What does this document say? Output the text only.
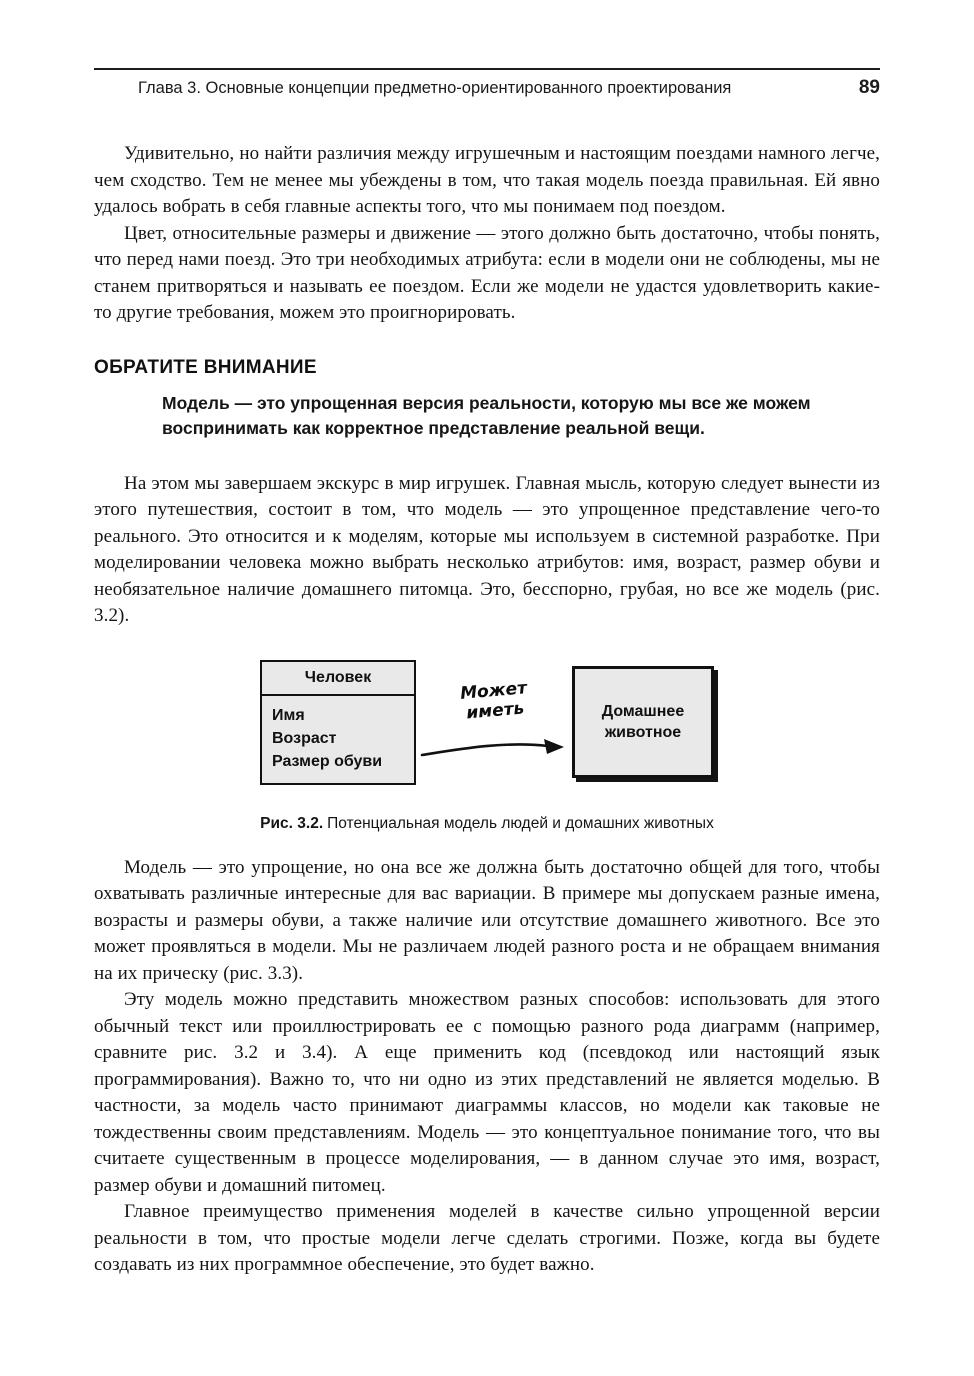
Глава 3. Основные концепции предметно-ориентированного проектирования	89

Удивительно, но найти различия между игрушечным и настоящим поездами намного легче, чем сходство. Тем не менее мы убеждены в том, что такая модель поезда правильная. Ей явно удалось вобрать в себя главные аспекты того, что мы понимаем под поездом.

Цвет, относительные размеры и движение — этого должно быть достаточно, чтобы понять, что перед нами поезд. Это три необходимых атрибута: если в модели они не соблюдены, мы не станем притворяться и называть ее поездом. Если же модели не удастся удовлетворить какие-то другие требования, можем это проигнорировать.

ОБРАТИТЕ ВНИМАНИЕ

Модель — это упрощенная версия реальности, которую мы все же можем воспринимать как корректное представление реальной вещи.

На этом мы завершаем экскурс в мир игрушек. Главная мысль, которую следует вынести из этого путешествия, состоит в том, что модель — это упрощенное представление чего-то реального. Это относится и к моделям, которые мы используем в системной разработке. При моделировании человека можно выбрать несколько атрибутов: имя, возраст, размер обуви и необязательное наличие домашнего питомца. Это, бесспорно, грубая, но все же модель (рис. 3.2).

Человек
Имя
Возраст
Размер обуви
Может
иметь	Домашнее
животное
Рис. 3.2. Потенциальная модель людей и домашних животных

Модель — это упрощение, но она все же должна быть достаточно общей для того, чтобы охватывать различные интересные для вас вариации. В примере мы допускаем разные имена, возрасты и размеры обуви, а также наличие или отсутствие домашнего животного. Все это может проявляться в модели. Мы не различаем людей разного роста и не обращаем внимания на их прическу (рис. 3.3).

Эту модель можно представить множеством разных способов: использовать для этого обычный текст или проиллюстрировать ее с помощью разного рода диаграмм (например, сравните рис. 3.2 и 3.4). А еще применить код (псевдокод или настоящий язык программирования). Важно то, что ни одно из этих представлений не является моделью. В частности, за модель часто принимают диаграммы классов, но модели как таковые не тождественны своим представлениям. Модель — это концептуальное понимание того, что вы считаете существенным в процессе моделирования, — в данном случае это имя, возраст, размер обуви и домашний питомец.

Главное преимущество применения моделей в качестве сильно упрощенной версии реальности в том, что простые модели легче сделать строгими. Позже, когда вы будете создавать из них программное обеспечение, это будет важно.
